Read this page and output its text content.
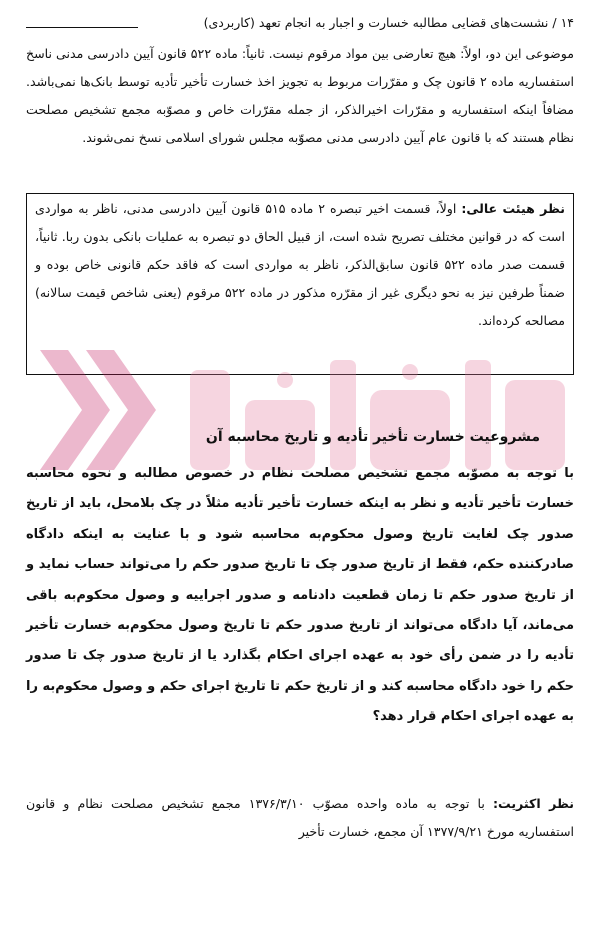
۱۴ / نشست‌های قضایی مطالبه خسارت و اجبار به انجام تعهد (کاربردی)
موضوعی این دو، اولاً: هیچ تعارضی بین مواد مرقوم نیست. ثانیاً: ماده ۵۲۲ قانون آیین دادرسی مدنی ناسخ استفساریه ماده ۲ قانون چک و مقرّرات مربوط به تجویز اخذ خسارت تأخیر تأدیه توسط بانک‌ها نمی‌باشد. مضافاً اینکه استفساریه و مقرّرات اخیرالذکر، از جمله مقرّرات خاص و مصوّبه مجمع تشخیص مصلحت نظام هستند که با قانون عام آیین دادرسی مدنی مصوّبه مجلس شورای اسلامی نسخ نمی‌شوند.
نظر هیئت عالی: اولاً، قسمت اخیر تبصره ۲ ماده ۵۱۵ قانون آیین دادرسی مدنی، ناظر به مواردی است که در قوانین مختلف تصریح شده است، از قبیل الحاق دو تبصره به عملیات بانکی بدون ربا. ثانیاً، قسمت صدر ماده ۵۲۲ قانون سابق‌الذکر، ناظر به مواردی است که فاقد حکم قانونی خاص بوده و ضمناً طرفین نیز به نحو دیگری غیر از مقرّره مذکور در ماده ۵۲۲ مرقوم (یعنی شاخص قیمت سالانه) مصالحه کرده‌اند.
مشروعیت خسارت تأخیر تأدیه و تاریخ محاسبه آن
با توجه به مصوّبه مجمع تشخیص مصلحت نظام در خصوص مطالبه و نحوه محاسبه خسارت تأخیر تأدیه و نظر به اینکه خسارت تأخیر تأدیه مثلاً در چک بلامحل، باید از تاریخ صدور چک لغایت تاریخ وصول محکوم‌به محاسبه شود و با عنایت به اینکه دادگاه صادرکننده حکم، فقط از تاریخ صدور چک تا تاریخ صدور حکم را می‌تواند حساب نماید و از تاریخ صدور حکم تا زمان قطعیت دادنامه و صدور اجراییه و وصول محکوم‌به باقی می‌ماند، آیا دادگاه می‌تواند از تاریخ صدور حکم تا تاریخ وصول محکوم‌به خسارت تأخیر تأدیه را در ضمن رأی خود به عهده اجرای احکام بگذارد یا از تاریخ صدور چک تا صدور حکم را خود دادگاه محاسبه کند و از تاریخ حکم تا تاریخ اجرای حکم و وصول محکوم‌به را به عهده اجرای احکام قرار دهد؟
نظر اکثریت: با توجه به ماده واحده مصوّب ۱۳۷۶/۳/۱۰ مجمع تشخیص مصلحت نظام و قانون استفساریه مورخ ۱۳۷۷/۹/۲۱ آن مجمع، خسارت تأخیر
